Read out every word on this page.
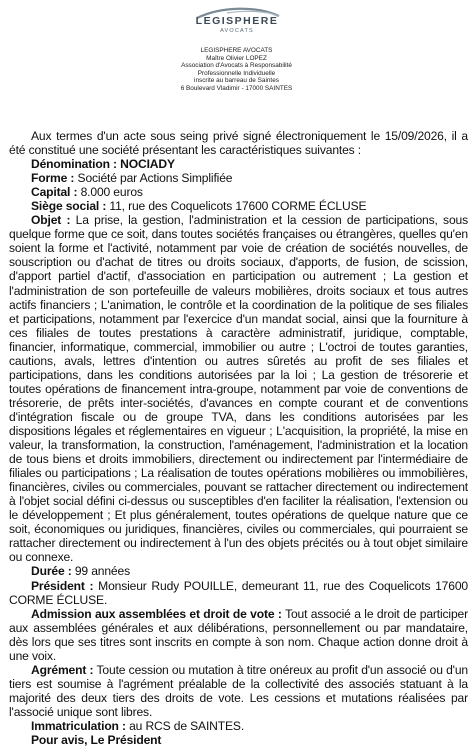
LEGISPHERE
AVOCATS
LEGISPHERE AVOCATS
Maître Olivier LOPEZ
Association d'Avocats à Responsabilité
Professionnelle Individuelle
inscrite au barreau de Saintes
6 Boulevard Vladimir - 17000 SAINTES

Aux termes d'un acte sous seing privé signé électroniquement le 15/09/2026, il a été constitué une société présentant les caractéristiques suivantes :

Dénomination : NOCIADY

Forme : Société par Actions Simplifiée

Capital : 8.000 euros

Siège social : 11, rue des Coquelicots 17600 CORME ÉCLUSE

Objet : La prise, la gestion, l'administration et la cession de participations, sous quelque forme que ce soit, dans toutes sociétés françaises ou étrangères, quelles qu'en soient la forme et l'activité, notamment par voie de création de sociétés nouvelles, de souscription ou d'achat de titres ou droits sociaux, d'apports, de fusion, de scission, d'apport partiel d'actif, d'association en participation ou autrement ; La gestion et l'administration de son portefeuille de valeurs mobilières, droits sociaux et tous autres actifs financiers ; L'animation, le contrôle et la coordination de la politique de ses filiales et participations, notamment par l'exercice d'un mandat social, ainsi que la fourniture à ces filiales de toutes prestations à caractère administratif, juridique, comptable, financier, informatique, commercial, immobilier ou autre ; L'octroi de toutes garanties, cautions, avals, lettres d'intention ou autres sûretés au profit de ses filiales et participations, dans les conditions autorisées par la loi ; La gestion de trésorerie et toutes opérations de financement intra-groupe, notamment par voie de conventions de trésorerie, de prêts inter-sociétés, d'avances en compte courant et de conventions d'intégration fiscale ou de groupe TVA, dans les conditions autorisées par les dispositions légales et réglementaires en vigueur ; L'acquisition, la propriété, la mise en valeur, la transformation, la construction, l'aménagement, l'administration et la location de tous biens et droits immobiliers, directement ou indirectement par l'intermédiaire de filiales ou participations ; La réalisation de toutes opérations mobilières ou immobilières, financières, civiles ou commerciales, pouvant se rattacher directement ou indirectement à l'objet social défini ci-dessus ou susceptibles d'en faciliter la réalisation, l'extension ou le développement ; Et plus généralement, toutes opérations de quelque nature que ce soit, économiques ou juridiques, financières, civiles ou commerciales, qui pourraient se rattacher directement ou indirectement à l'un des objets précités ou à tout objet similaire ou connexe.

Durée : 99 années

Président : Monsieur Rudy POUILLE, demeurant 11, rue des Coquelicots 17600 CORME ÉCLUSE.

Admission aux assemblées et droit de vote : Tout associé a le droit de participer aux assemblées générales et aux délibérations, personnellement ou par mandataire, dès lors que ses titres sont inscrits en compte à son nom. Chaque action donne droit à une voix.

Agrément : Toute cession ou mutation à titre onéreux au profit d'un associé ou d'un tiers est soumise à l'agrément préalable de la collectivité des associés statuant à la majorité des deux tiers des droits de vote. Les cessions et mutations réalisées par l'associé unique sont libres.

Immatriculation : au RCS de SAINTES.

Pour avis, Le Président
